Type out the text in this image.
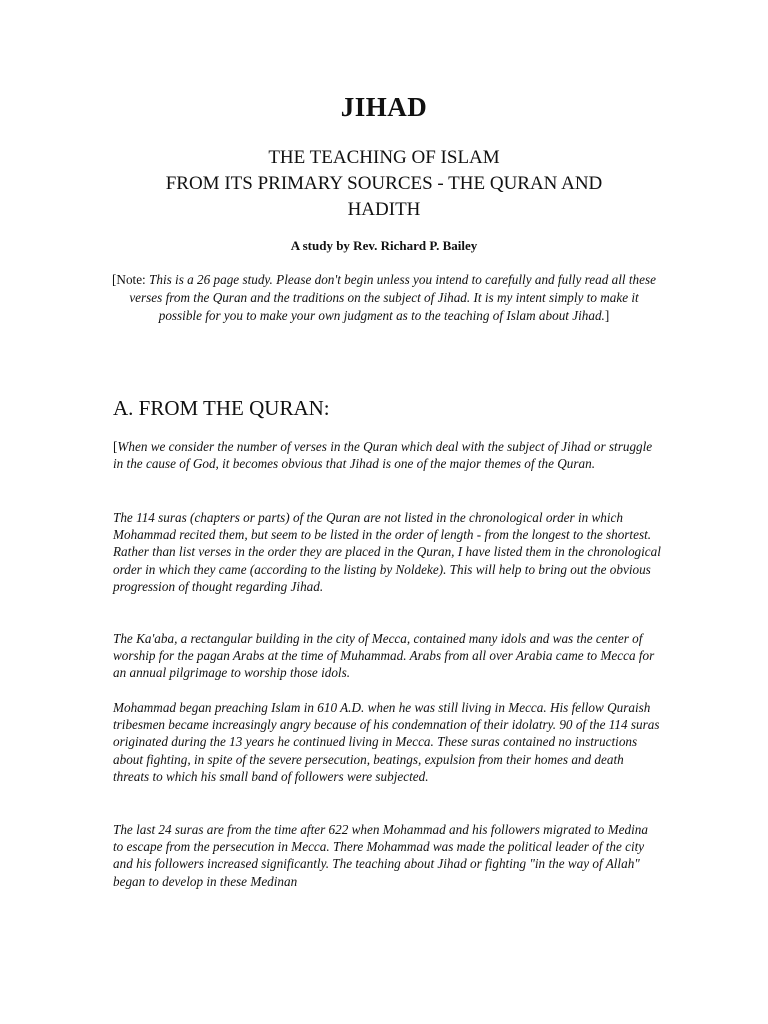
JIHAD
THE TEACHING OF ISLAM
FROM ITS PRIMARY SOURCES - THE QURAN AND
HADITH

A study by Rev. Richard P. Bailey

[Note: This is a 26 page study. Please don't begin unless you intend to carefully and fully read all these verses from the Quran and the traditions on the subject of Jihad. It is my intent simply to make it possible for you to make your own judgment as to the teaching of Islam about Jihad.]

A. FROM THE QURAN:

[When we consider the number of verses in the Quran which deal with the subject of Jihad or struggle in the cause of God, it becomes obvious that Jihad is one of the major themes of the Quran.

The 114 suras (chapters or parts) of the Quran are not listed in the chronological order in which Mohammad recited them, but seem to be listed in the order of length - from the longest to the shortest. Rather than list verses in the order they are placed in the Quran, I have listed them in the chronological order in which they came (according to the listing by Noldeke). This will help to bring out the obvious progression of thought regarding Jihad.

The Ka'aba, a rectangular building in the city of Mecca, contained many idols and was the center of worship for the pagan Arabs at the time of Muhammad. Arabs from all over Arabia came to Mecca for an annual pilgrimage to worship those idols.

Mohammad began preaching Islam in 610 A.D. when he was still living in Mecca. His fellow Quraish tribesmen became increasingly angry because of his condemnation of their idolatry. 90 of the 114 suras originated during the 13 years he continued living in Mecca. These suras contained no instructions about fighting, in spite of the severe persecution, beatings, expulsion from their homes and death threats to which his small band of followers were subjected.

The last 24 suras are from the time after 622 when Mohammad and his followers migrated to Medina to escape from the persecution in Mecca. There Mohammad was made the political leader of the city and his followers increased significantly. The teaching about Jihad or fighting "in the way of Allah" began to develop in these Medinan
